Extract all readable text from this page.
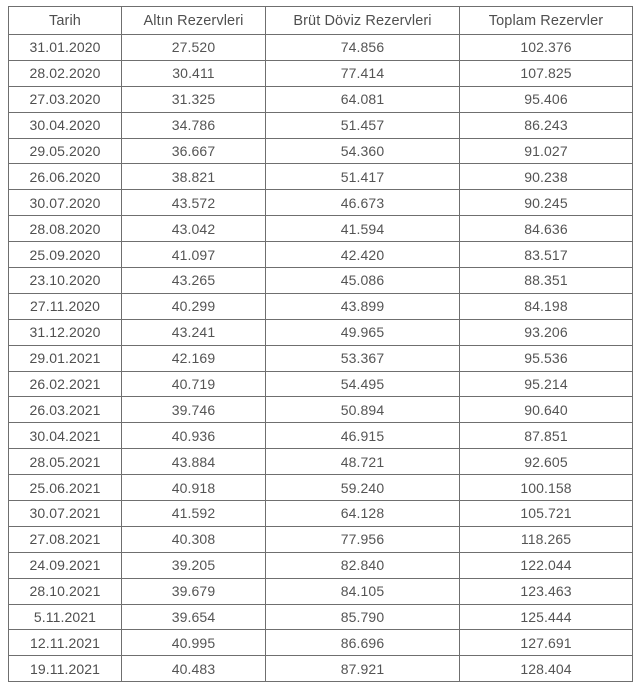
Tarih	Altın Rezervleri	Brüt Döviz Rezervleri	Toplam Rezervler
31.01.2020	27.520	74.856	102.376
28.02.2020	30.411	77.414	107.825
27.03.2020	31.325	64.081	95.406
30.04.2020	34.786	51.457	86.243
29.05.2020	36.667	54.360	91.027
26.06.2020	38.821	51.417	90.238
30.07.2020	43.572	46.673	90.245
28.08.2020	43.042	41.594	84.636
25.09.2020	41.097	42.420	83.517
23.10.2020	43.265	45.086	88.351
27.11.2020	40.299	43.899	84.198
31.12.2020	43.241	49.965	93.206
29.01.2021	42.169	53.367	95.536
26.02.2021	40.719	54.495	95.214
26.03.2021	39.746	50.894	90.640
30.04.2021	40.936	46.915	87.851
28.05.2021	43.884	48.721	92.605
25.06.2021	40.918	59.240	100.158
30.07.2021	41.592	64.128	105.721
27.08.2021	40.308	77.956	118.265
24.09.2021	39.205	82.840	122.044
28.10.2021	39.679	84.105	123.463
5.11.2021	39.654	85.790	125.444
12.11.2021	40.995	86.696	127.691
19.11.2021	40.483	87.921	128.404
